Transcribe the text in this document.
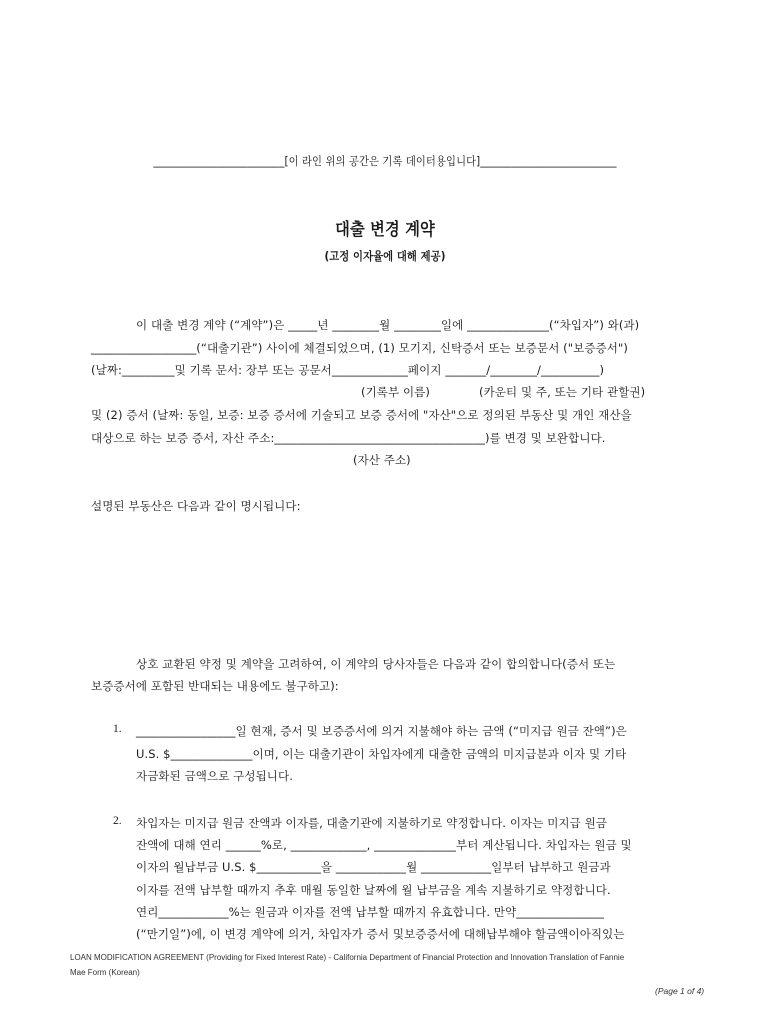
_________________________[이 라인 위의 공간은 기록 데이터용입니다]__________________________
대출 변경 계약
(고정 이자율에 대해 제공)
이 대출 변경 계약 (“계약”)은 _____년 ________월 ________일에 ______________(“차입자”) 와(과)
__________________(“대출기관”) 사이에 체결되었으며, (1) 모기지, 신탁증서 또는 보증문서 ("보증증서")
(날짜:_________및 기록 문서: 장부 또는 공문서_____________페이지 _______/________/__________)
(기록부 이름)	(카운티 및 주, 또는 기타 관할권)
및 (2) 증서 (날짜: 동일, 보증: 보증 증서에 기술되고 보증 증서에 "자산"으로 정의된 부동산 및 개인 재산을
대상으로 하는 보증 증서, 자산 주소:____________________________________)를 변경 및 보완합니다.
(자산 주소)
설명된 부동산은 다음과 같이 명시됩니다:
상호 교환된 약정 및 계약을 고려하여, 이 계약의 당사자들은 다음과 같이 합의합니다(증서 또는
보증증서에 포함된 반대되는 내용에도 불구하고):
1. _________________일 현재, 증서 및 보증증서에 의거 지불해야 하는 금액 (“미지급 원금 잔액”)은
U.S. $______________이며, 이는 대출기관이 차입자에게 대출한 금액의 미지급분과 이자 및 기타
자금화된 금액으로 구성됩니다.
2. 차입자는 미지급 원금 잔액과 이자를, 대출기관에 지불하기로 약정합니다. 이자는 미지급 원금
잔액에 대해 연리 ______%로, _____________, ______________부터 계산됩니다. 차입자는 원금 및
이자의 월납부금 U.S. $___________을 ____________월 ____________일부터 납부하고 원금과
이자를 전액 납부할 때까지 추후 매월 동일한 날짜에 월 납부금을 계속 지불하기로 약정합니다.
연리____________%는 원금과 이자를 전액 납부할 때까지 유효합니다. 만약_______________
(“만기일”)에, 이 변경 계약에 의거, 차입자가 증서 및보증증서에 대해납부해야 할금액이아직있는
LOAN MODIFICATION AGREEMENT (Providing for Fixed Interest Rate) - California Department of Financial Protection and Innovation Translation of Fannie
Mae Form (Korean)
(Page 1 of 4)
